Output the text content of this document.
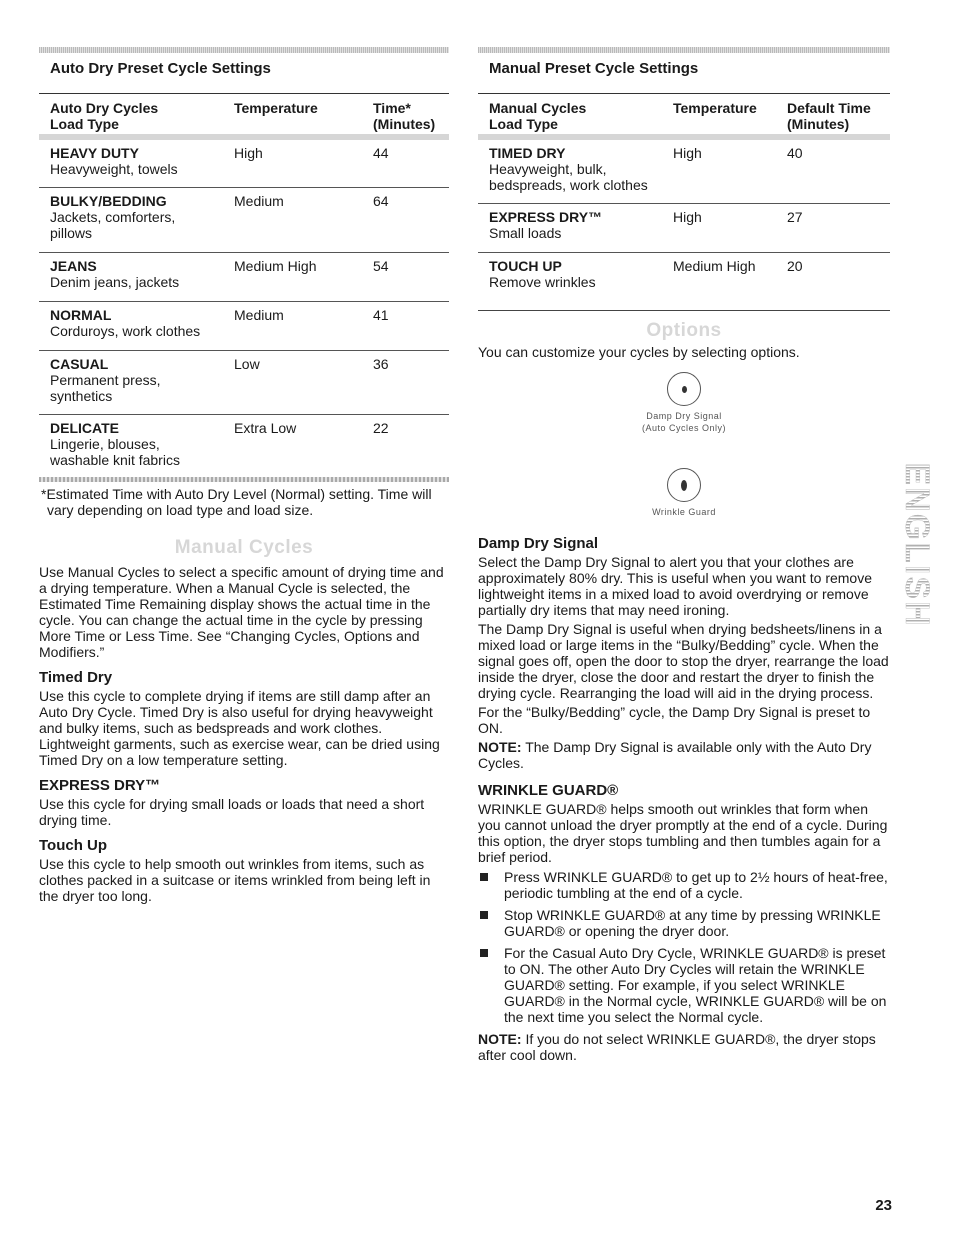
Auto Dry Preset Cycle Settings
Auto Dry Cycles
Load Type
Temperature	Time*
(Minutes)
HEAVY DUTY
Heavyweight, towels
High	44
BULKY/BEDDING
Jackets, comforters,
pillows
Medium	64
JEANS
Denim jeans, jackets
Medium High	54
NORMAL
Corduroys, work clothes
Medium	41
CASUAL
Permanent press,
synthetics
Low	36
DELICATE
Lingerie, blouses,
washable knit fabrics
Extra Low	22
*Estimated Time with Auto Dry Level (Normal) setting. Time will vary depending on load type and load size.
Manual Cycles

Use Manual Cycles to select a specific amount of drying time and a drying temperature. When a Manual Cycle is selected, the Estimated Time Remaining display shows the actual time in the cycle. You can change the actual time in the cycle by pressing More Time or Less Time. See “Changing Cycles, Options and Modifiers.”

Timed Dry

Use this cycle to complete drying if items are still damp after an Auto Dry Cycle. Timed Dry is also useful for drying heavyweight and bulky items, such as bedspreads and work clothes. Lightweight garments, such as exercise wear, can be dried using Timed Dry on a low temperature setting.

EXPRESS DRY™

Use this cycle for drying small loads or loads that need a short drying time.

Touch Up

Use this cycle to help smooth out wrinkles from items, such as clothes packed in a suitcase or items wrinkled from being left in the dryer too long.

Manual Preset Cycle Settings
Manual Cycles
Load Type
Temperature	Default Time
(Minutes)
TIMED DRY
Heavyweight, bulk,
bedspreads, work clothes
High	40
EXPRESS DRY™
Small loads
High	27
TOUCH UP
Remove wrinkles
Medium High	20
Options

You can customize your cycles by selecting options.

Damp Dry Signal
(Auto Cycles Only)
Wrinkle Guard
Damp Dry Signal

Select the Damp Dry Signal to alert you that your clothes are approximately 80% dry. This is useful when you want to remove lightweight items in a mixed load to avoid overdrying or remove partially dry items that may need ironing.

The Damp Dry Signal is useful when drying bedsheets/linens in a mixed load or large items in the “Bulky/Bedding” cycle. When the signal goes off, open the door to stop the dryer, rearrange the load inside the dryer, close the door and restart the dryer to finish the drying cycle. Rearranging the load will aid in the drying process.

For the “Bulky/Bedding” cycle, the Damp Dry Signal is preset to ON.

NOTE: The Damp Dry Signal is available only with the Auto Dry Cycles.

WRINKLE GUARD®

WRINKLE GUARD® helps smooth out wrinkles that form when you cannot unload the dryer promptly at the end of a cycle. During this option, the dryer stops tumbling and then tumbles again for a brief period.

Press WRINKLE GUARD® to get up to 2½ hours of heat-free, periodic tumbling at the end of a cycle.
Stop WRINKLE GUARD® at any time by pressing WRINKLE GUARD® or opening the dryer door.
For the Casual Auto Dry Cycle, WRINKLE GUARD® is preset to ON. The other Auto Dry Cycles will retain the WRINKLE GUARD® setting. For example, if you select WRINKLE GUARD® in the Normal cycle, WRINKLE GUARD® will be on the next time you select the Normal cycle.

NOTE: If you do not select WRINKLE GUARD®, the dryer stops after cool down.

ENGLISH
23
